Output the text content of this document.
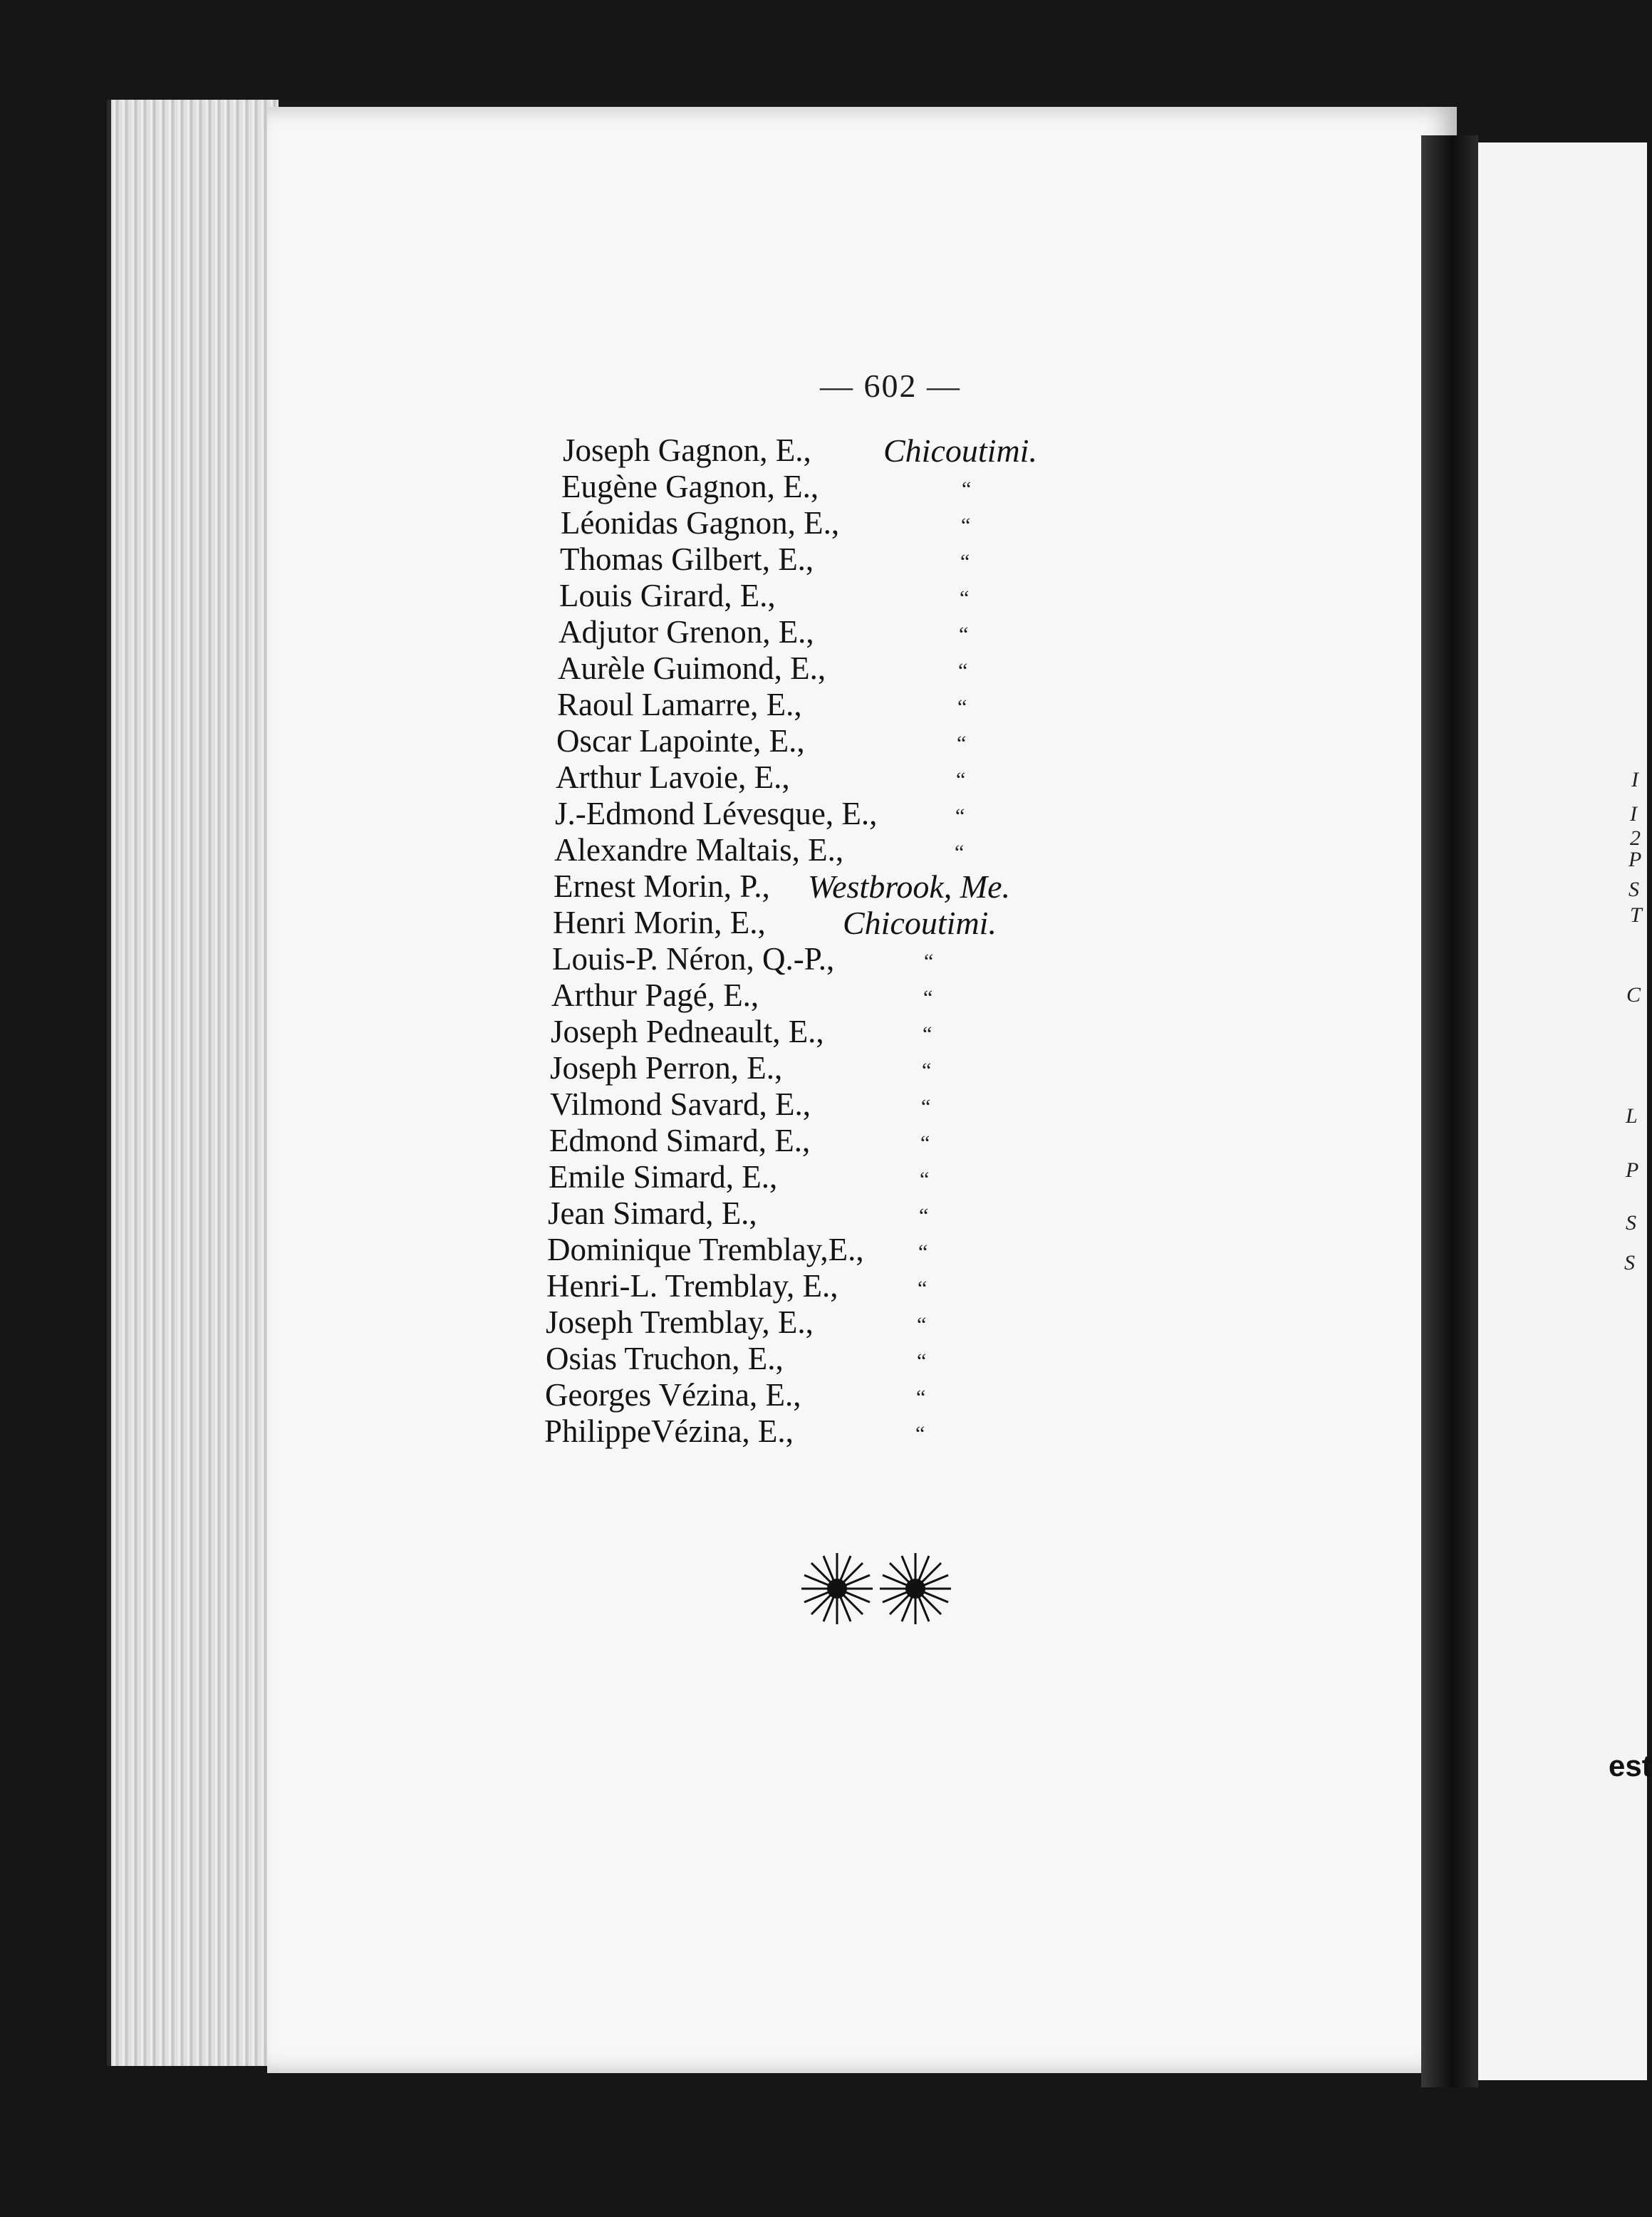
— 602 —
Joseph Gagnon, E.,
Eugène Gagnon, E.,
Léonidas Gagnon, E.,
Thomas Gilbert, E.,
Louis Girard, E.,
Adjutor Grenon, E.,
Aurèle Guimond, E.,
Raoul Lamarre, E.,
Oscar Lapointe, E.,
Arthur Lavoie, E.,
J.-Edmond Lévesque, E.,
Alexandre Maltais, E.,
Ernest Morin, P.,
Henri Morin, E.,
Louis-P. Néron, Q.-P.,
Arthur Pagé, E.,
Joseph Pedneault, E.,
Joseph Perron, E.,
Vilmond Savard, E.,
Edmond Simard, E.,
Emile Simard, E.,
Jean Simard, E.,
Dominique Tremblay,E.,
Henri-L. Tremblay, E.,
Joseph Tremblay, E.,
Osias Truchon, E.,
Georges Vézina, E.,
PhilippeVézina, E.,
Chicoutimi.
“
“
“
“
“
“
“
“
“
“
“
Westbrook, Me.
Chicoutimi.
“
“
“
“
“
“
“
“
“
“
“
“
“
“
I
I
2
P
S
T
C
L
P
S
S
est
